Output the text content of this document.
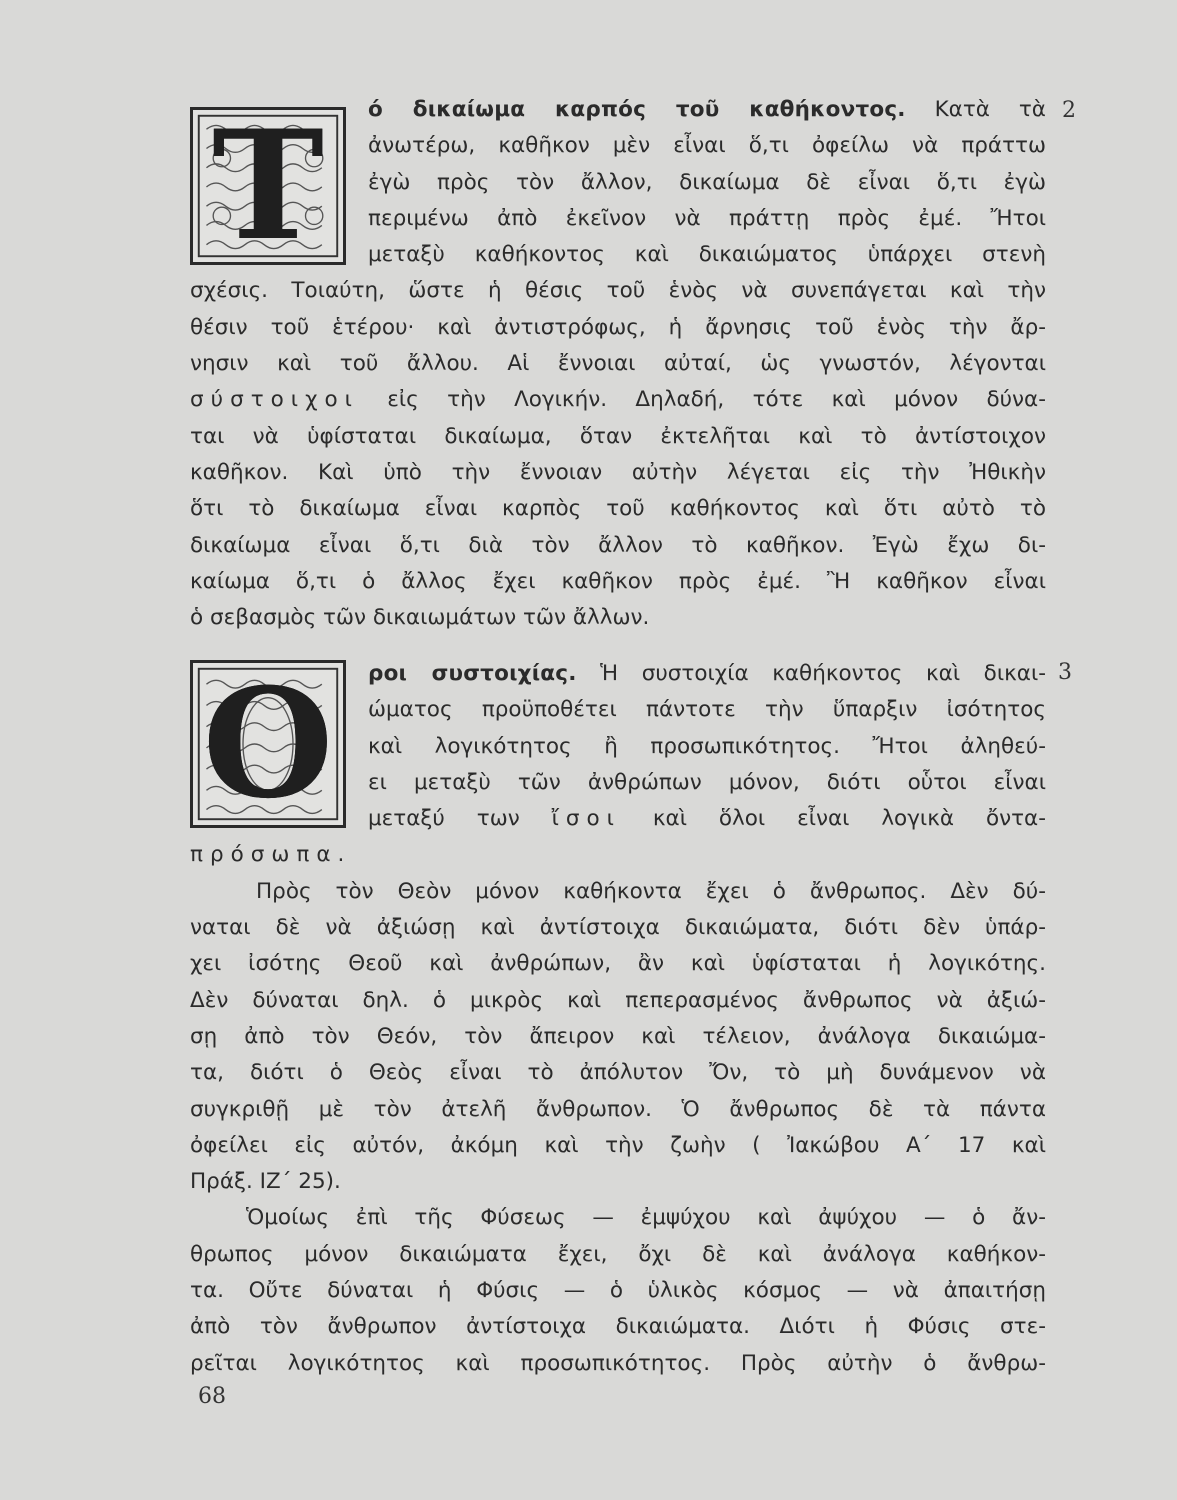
2
3
Τ	ό δικαίωμα καρπός τοῦ καθήκοντος. Κατὰ τὰ
ἀνωτέρω, καθῆκον μὲν εἶναι ὅ,τι ὀφείλω νὰ πράττω
ἐγὼ πρὸς τὸν ἄλλον, δικαίωμα δὲ εἶναι ὅ,τι ἐγὼ
περιμένω ἀπὸ ἐκεῖνον νὰ πράττῃ πρὸς ἐμέ. Ἤτοι
μεταξὺ καθήκοντος καὶ δικαιώματος ὑπάρχει στενὴ
σχέσις. Τοιαύτη, ὥστε ἡ θέσις τοῦ ἑνὸς νὰ συνεπάγεται καὶ τὴν
θέσιν τοῦ ἑτέρου· καὶ ἀντιστρόφως, ἡ ἄρνησις τοῦ ἑνὸς τὴν ἄρ-
νησιν καὶ τοῦ ἄλλου. Αἱ ἔννοιαι αὐταί, ὡς γνωστόν, λέγονται
σύστοιχοι εἰς τὴν Λογικήν. Δηλαδή, τότε καὶ μόνον δύνα-
ται νὰ ὑφίσταται δικαίωμα, ὅταν ἐκτελῆται καὶ τὸ ἀντίστοιχον
καθῆκον. Καὶ ὑπὸ τὴν ἔννοιαν αὐτὴν λέγεται εἰς τὴν Ἠθικὴν
ὅτι τὸ δικαίωμα εἶναι καρπὸς τοῦ καθήκοντος καὶ ὅτι αὐτὸ τὸ
δικαίωμα εἶναι ὅ,τι διὰ τὸν ἄλλον τὸ καθῆκον. Ἐγὼ ἔχω δι-
καίωμα ὅ,τι ὁ ἄλλος ἔχει καθῆκον πρὸς ἐμέ. Ἢ καθῆκον εἶναι
ὁ σεβασμὸς τῶν δικαιωμάτων τῶν ἄλλων.
Ο	ροι συστοιχίας. Ἡ συστοιχία καθήκοντος καὶ δικαι-
ώματος προϋποθέτει πάντοτε τὴν ὕπαρξιν ἰσότητος
καὶ λογικότητος ἢ προσωπικότητος. Ἤτοι ἀληθεύ-
ει μεταξὺ τῶν ἀνθρώπων μόνον, διότι οὗτοι εἶναι
μεταξύ των ἴσοι καὶ ὅλοι εἶναι λογικὰ ὄντα-
πρόσωπα.
Πρὸς τὸν Θεὸν μόνον καθήκοντα ἔχει ὁ ἄνθρωπος. Δὲν δύ-
ναται δὲ νὰ ἀξιώσῃ καὶ ἀντίστοιχα δικαιώματα, διότι δὲν ὑπάρ-
χει ἰσότης Θεοῦ καὶ ἀνθρώπων, ἂν καὶ ὑφίσταται ἡ λογικότης.
Δὲν δύναται δηλ. ὁ μικρὸς καὶ πεπερασμένος ἄνθρωπος νὰ ἀξιώ-
σῃ ἀπὸ τὸν Θεόν, τὸν ἄπειρον καὶ τέλειον, ἀνάλογα δικαιώμα-
τα, διότι ὁ Θεὸς εἶναι τὸ ἀπόλυτον Ὄν, τὸ μὴ δυνάμενον νὰ
συγκριθῇ μὲ τὸν ἀτελῆ ἄνθρωπον. Ὁ ἄνθρωπος δὲ τὰ πάντα
ὀφείλει εἰς αὐτόν, ἀκόμη καὶ τὴν ζωὴν ( Ἰακώβου Α΄ 17 καὶ
Πράξ. ΙΖ΄ 25).
Ὁμοίως ἐπὶ τῆς Φύσεως — ἐμψύχου καὶ ἀψύχου — ὁ ἄν-
θρωπος μόνον δικαιώματα ἔχει, ὄχι δὲ καὶ ἀνάλογα καθήκον-
τα. Οὔτε δύναται ἡ Φύσις — ὁ ὑλικὸς κόσμος — νὰ ἀπαιτήσῃ
ἀπὸ τὸν ἄνθρωπον ἀντίστοιχα δικαιώματα. Διότι ἡ Φύσις στε-
ρεῖται λογικότητος καὶ προσωπικότητος. Πρὸς αὐτὴν ὁ ἄνθρω-
68
